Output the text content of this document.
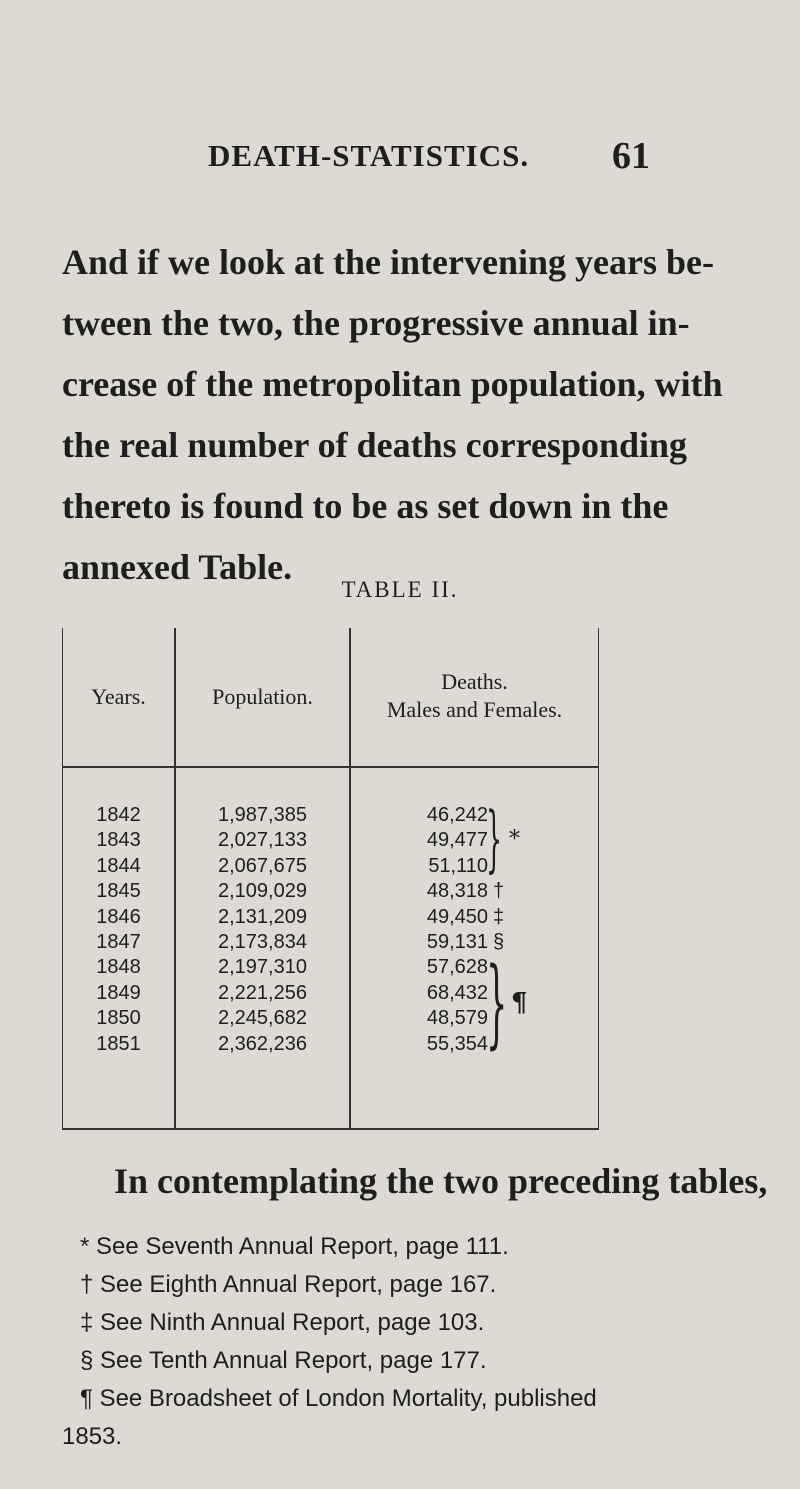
DEATH-STATISTICS. 61

And if we look at the intervening years be-
tween the two, the progressive annual in-
crease of the metropolitan population, with
the real number of deaths corresponding
thereto is found to be as set down in the
annexed Table.

TABLE II.
Years.	Population.
Deaths.
Males and Females.
1842
1843
1844
1845
1846
1847
1848
1849
1850
1851
1,987,385
2,027,133
2,067,675
2,109,029
2,131,209
2,173,834
2,197,310
2,221,256
2,245,682
2,362,236
46,242
49,477
51,110
48,318
49,450
59,131
57,628
68,432
48,579
55,354
†
‡
§
} *
} ¶
In contemplating the two preceding tables,
* See Seventh Annual Report, page 111.
† See Eighth Annual Report, page 167.
‡ See Ninth Annual Report, page 103.
§ See Tenth Annual Report, page 177.
¶ See Broadsheet of London Mortality, published
1853.
